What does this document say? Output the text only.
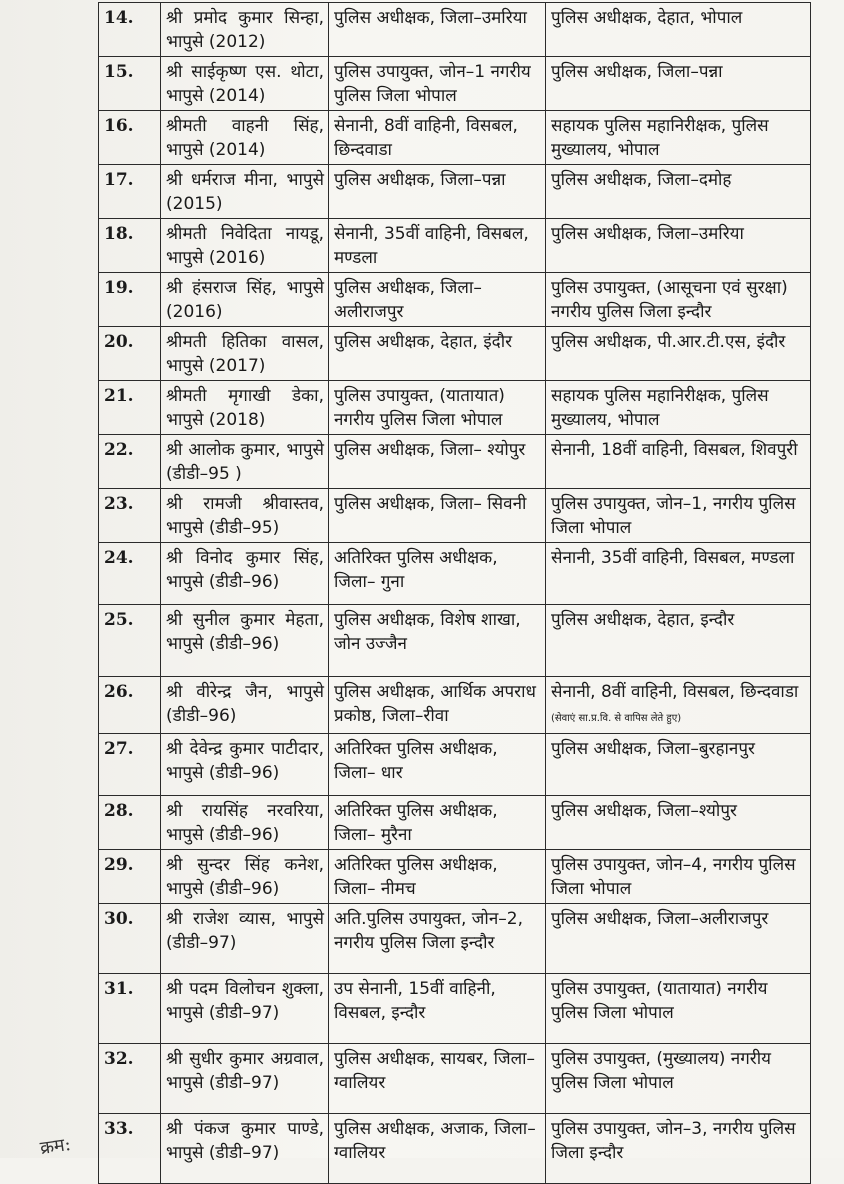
14.	श्री प्रमोद कुमार सिन्हा, भापुसे (2012)	पुलिस अधीक्षक, जिला–उमरिया	पुलिस अधीक्षक, देहात, भोपाल
15.	श्री साईकृष्ण एस. थोटा, भापुसे (2014)	पुलिस उपायुक्त, जोन–1 नगरीय पुलिस जिला भोपाल	पुलिस अधीक्षक, जिला–पन्ना
16.	श्रीमती वाहनी सिंह, भापुसे (2014)	सेनानी, 8वीं वाहिनी, विसबल, छिन्दवाडा	सहायक पुलिस महानिरीक्षक, पुलिस मुख्यालय, भोपाल
17.	श्री धर्मराज मीना, भापुसे (2015)	पुलिस अधीक्षक, जिला–पन्ना	पुलिस अधीक्षक, जिला–दमोह
18.	श्रीमती निवेदिता नायडू, भापुसे (2016)	सेनानी, 35वीं वाहिनी, विसबल, मण्डला	पुलिस अधीक्षक, जिला–उमरिया
19.	श्री हंसराज सिंह, भापुसे (2016)	पुलिस अधीक्षक, जिला–अलीराजपुर	पुलिस उपायुक्त, (आसूचना एवं सुरक्षा) नगरीय पुलिस जिला इन्दौर
20.	श्रीमती हितिका वासल, भापुसे (2017)	पुलिस अधीक्षक, देहात, इंदौर	पुलिस अधीक्षक, पी.आर.टी.एस, इंदौर
21.	श्रीमती मृगाखी डेका, भापुसे (2018)	पुलिस उपायुक्त, (यातायात) नगरीय पुलिस जिला भोपाल	सहायक पुलिस महानिरीक्षक, पुलिस मुख्यालय, भोपाल
22.	श्री आलोक कुमार, भापुसे (डीडी–95 )	पुलिस अधीक्षक, जिला– श्योपुर	सेनानी, 18वीं वाहिनी, विसबल, शिवपुरी
23.	श्री रामजी श्रीवास्तव, भापुसे (डीडी–95)	पुलिस अधीक्षक, जिला– सिवनी	पुलिस उपायुक्त, जोन–1, नगरीय पुलिस जिला भोपाल
24.	श्री विनोद कुमार सिंह, भापुसे (डीडी–96)	अतिरिक्त पुलिस अधीक्षक, जिला– गुना	सेनानी, 35वीं वाहिनी, विसबल, मण्डला
25.	श्री सुनील कुमार मेहता, भापुसे (डीडी–96)	पुलिस अधीक्षक, विशेष शाखा, जोन उज्जैन	पुलिस अधीक्षक, देहात, इन्दौर
26.	श्री वीरेन्द्र जैन, भापुसे (डीडी–96)	पुलिस अधीक्षक, आर्थिक अपराध प्रकोष्ठ, जिला–रीवा	सेनानी, 8वीं वाहिनी, विसबल, छिन्दवाडा (सेवाएं सा.प्र.वि. से वापिस लेते हुए)
27.	श्री देवेन्द्र कुमार पाटीदार, भापुसे (डीडी–96)	अतिरिक्त पुलिस अधीक्षक, जिला– धार	पुलिस अधीक्षक, जिला–बुरहानपुर
28.	श्री रायसिंह नरवरिया, भापुसे (डीडी–96)	अतिरिक्त पुलिस अधीक्षक, जिला– मुरैना	पुलिस अधीक्षक, जिला–श्योपुर
29.	श्री सुन्दर सिंह कनेश, भापुसे (डीडी–96)	अतिरिक्त पुलिस अधीक्षक, जिला– नीमच	पुलिस उपायुक्त, जोन–4, नगरीय पुलिस जिला भोपाल
30.	श्री राजेश व्यास, भापुसे (डीडी–97)	अति.पुलिस उपायुक्त, जोन–2, नगरीय पुलिस जिला इन्दौर	पुलिस अधीक्षक, जिला–अलीराजपुर
31.	श्री पदम विलोचन शुक्ला, भापुसे (डीडी–97)	उप सेनानी, 15वीं वाहिनी, विसबल, इन्दौर	पुलिस उपायुक्त, (यातायात) नगरीय पुलिस जिला भोपाल
32.	श्री सुधीर कुमार अग्रवाल, भापुसे (डीडी–97)	पुलिस अधीक्षक, सायबर, जिला–ग्वालियर	पुलिस उपायुक्त, (मुख्यालय) नगरीय पुलिस जिला भोपाल
33.	श्री पंकज कुमार पाण्डे, भापुसे (डीडी–97)	पुलिस अधीक्षक, अजाक, जिला–ग्वालियर	पुलिस उपायुक्त, जोन–3, नगरीय पुलिस जिला इन्दौर
क्रम:
